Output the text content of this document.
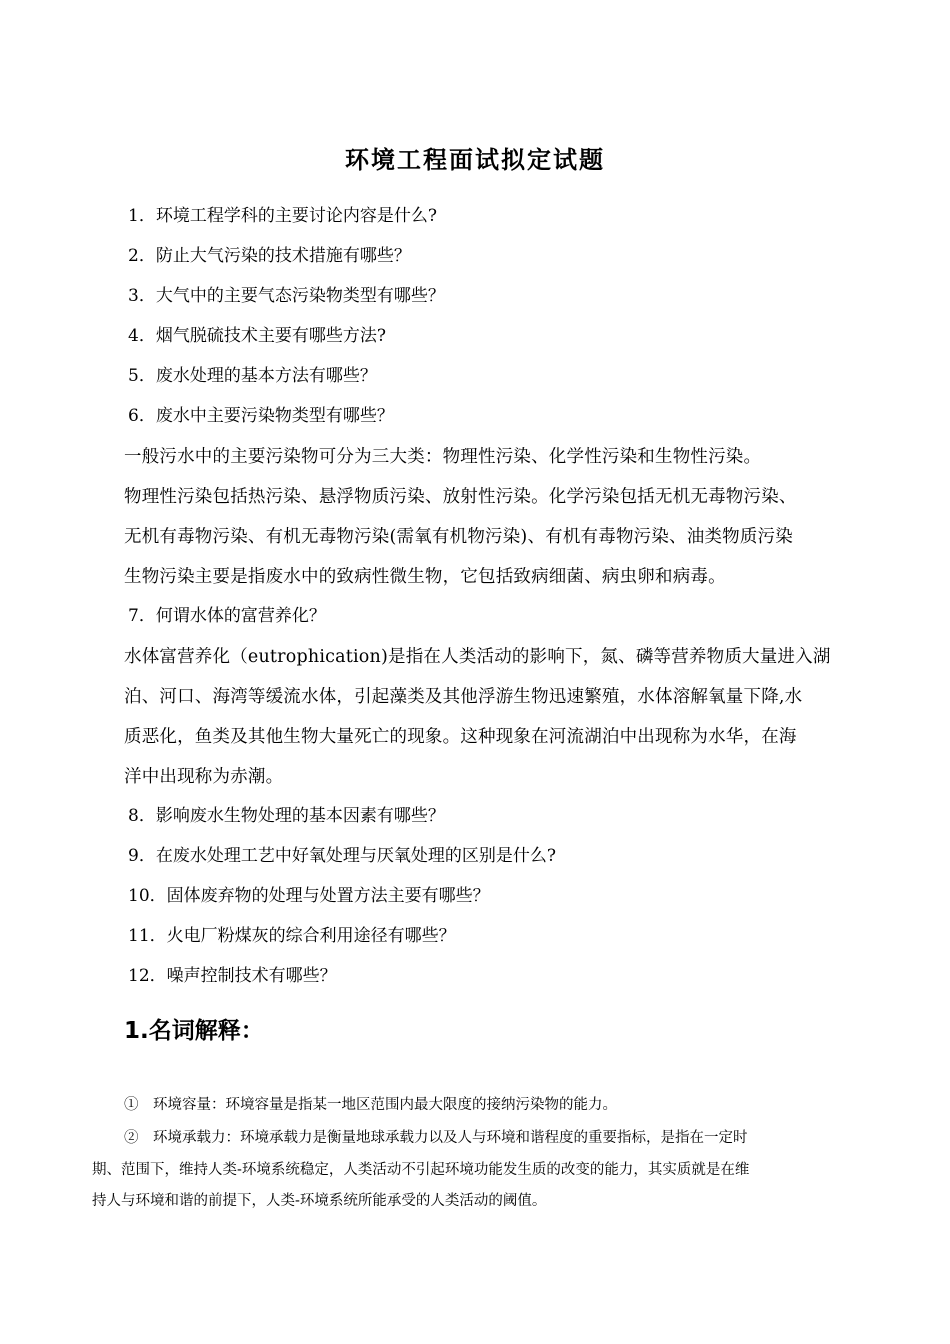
环境工程面试拟定试题
1．环境工程学科的主要讨论内容是什么?
2．防止大气污染的技术措施有哪些？
3．大气中的主要气态污染物类型有哪些？
4．烟气脱硫技术主要有哪些方法?
5．废水处理的基本方法有哪些？
6．废水中主要污染物类型有哪些？
一般污水中的主要污染物可分为三大类：物理性污染、化学性污染和生物性污染。
物理性污染包括热污染、悬浮物质污染、放射性污染。化学污染包括无机无毒物污染、
无机有毒物污染、有机无毒物污染(需氧有机物污染)、有机有毒物污染、油类物质污染
生物污染主要是指废水中的致病性微生物，它包括致病细菌、病虫卵和病毒。
7．何谓水体的富营养化？
水体富营养化（eutrophication)是指在人类活动的影响下，氮、磷等营养物质大量进入湖
泊、河口、海湾等缓流水体，引起藻类及其他浮游生物迅速繁殖，水体溶解氧量下降,水
质恶化，鱼类及其他生物大量死亡的现象。这种现象在河流湖泊中出现称为水华，在海
洋中出现称为赤潮。
8．影响废水生物处理的基本因素有哪些？
9．在废水处理工艺中好氧处理与厌氧处理的区别是什么?
10．固体废弃物的处理与处置方法主要有哪些？
11．火电厂粉煤灰的综合利用途径有哪些？
12．噪声控制技术有哪些？
1.名词解释：
①　环境容量：环境容量是指某一地区范围内最大限度的接纳污染物的能力。
②　环境承载力：环境承载力是衡量地球承载力以及人与环境和谐程度的重要指标，是指在一定时
期、范围下，维持人类-环境系统稳定，人类活动不引起环境功能发生质的改变的能力，其实质就是在维
持人与环境和谐的前提下，人类-环境系统所能承受的人类活动的阈值。
